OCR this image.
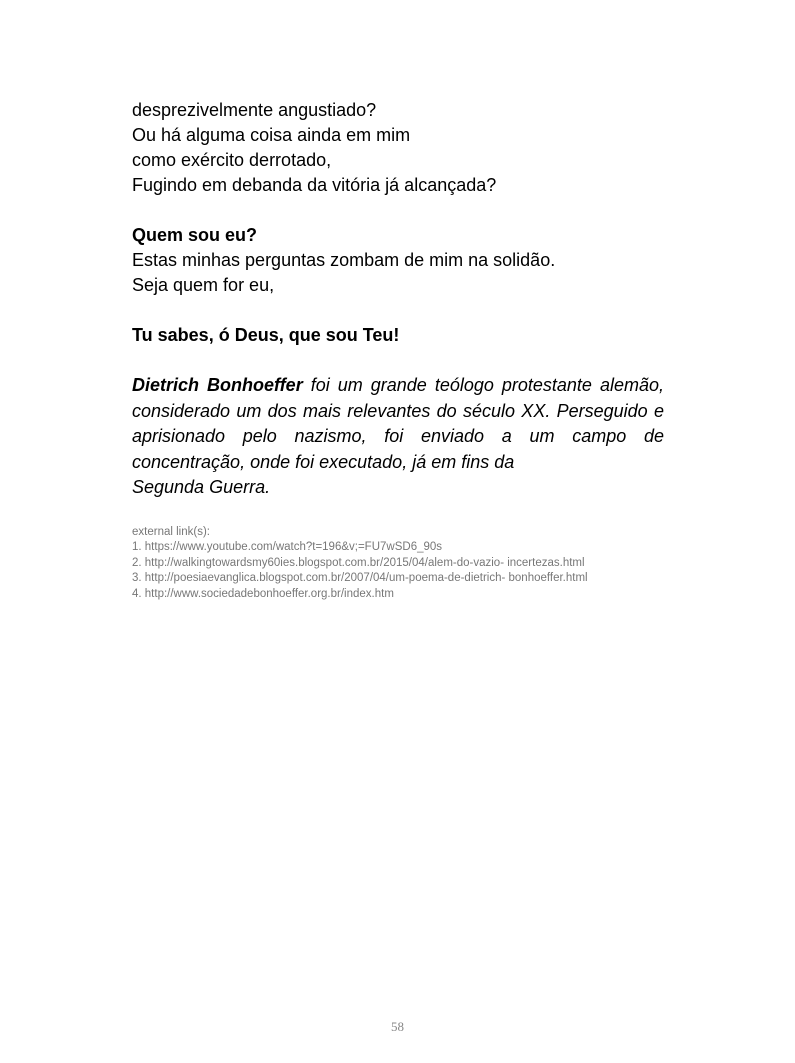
desprezivelmente angustiado?
Ou há alguma coisa ainda em mim
como exército derrotado,
Fugindo em debanda da vitória já alcançada?

Quem sou eu?
Estas minhas perguntas zombam de mim na solidão.
Seja quem for eu,

Tu sabes, ó Deus, que sou Teu!

Dietrich Bonhoeffer foi um grande teólogo protestante alemão, considerado um dos mais relevantes do século XX. Perseguido e aprisionado pelo nazismo, foi enviado a um campo de concentração, onde foi executado, já em fins da
Segunda Guerra.

external link(s):
1. https://www.youtube.com/watch?t=196&v;=FU7wSD6_90s
2. http://walkingtowardsmy60ies.blogspot.com.br/2015/04/alem-do-vazio- incertezas.html
3. http://poesiaevanglica.blogspot.com.br/2007/04/um-poema-de-dietrich- bonhoeffer.html
4. http://www.sociedadebonhoeffer.org.br/index.htm
58
